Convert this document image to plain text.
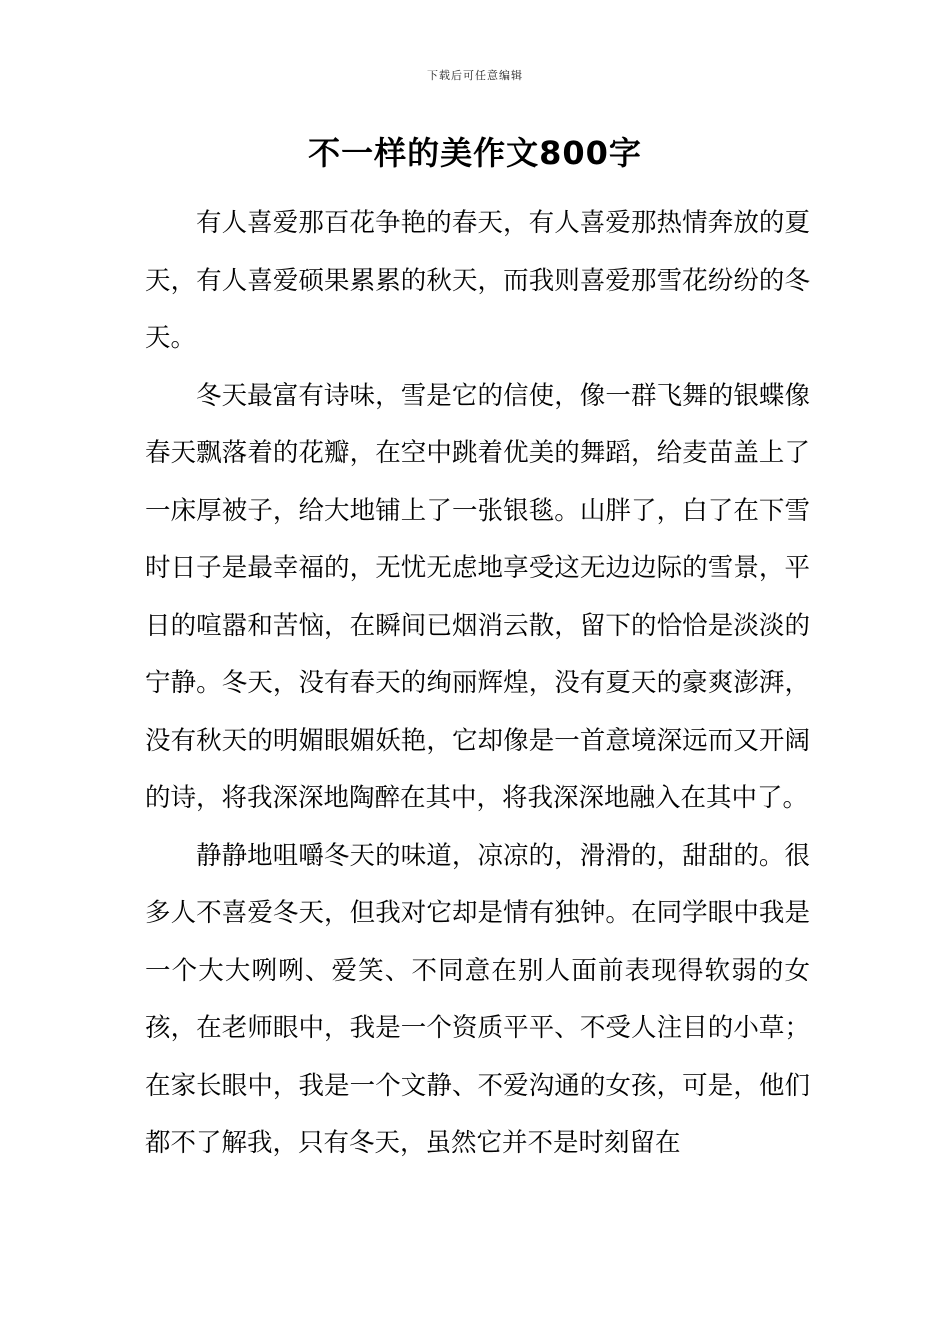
下载后可任意编辑
不一样的美作文800字

有人喜爱那百花争艳的春天，有人喜爱那热情奔放的夏天，有人喜爱硕果累累的秋天，而我则喜爱那雪花纷纷的冬天。

冬天最富有诗味，雪是它的信使，像一群飞舞的银蝶像春天飘落着的花瓣，在空中跳着优美的舞蹈，给麦苗盖上了一床厚被子，给大地铺上了一张银毯。山胖了，白了在下雪时日子是最幸福的，无忧无虑地享受这无边边际的雪景，平日的喧嚣和苦恼，在瞬间已烟消云散，留下的恰恰是淡淡的宁静。冬天，没有春天的绚丽辉煌，没有夏天的豪爽澎湃，没有秋天的明媚眼媚妖艳，它却像是一首意境深远而又开阔的诗，将我深深地陶醉在其中，将我深深地融入在其中了。

静静地咀嚼冬天的味道，凉凉的，滑滑的，甜甜的。很多人不喜爱冬天，但我对它却是情有独钟。在同学眼中我是一个大大咧咧、爱笑、不同意在别人面前表现得软弱的女孩，在老师眼中，我是一个资质平平、不受人注目的小草；在家长眼中，我是一个文静、不爱沟通的女孩，可是，他们都不了解我，只有冬天，虽然它并不是时刻留在
